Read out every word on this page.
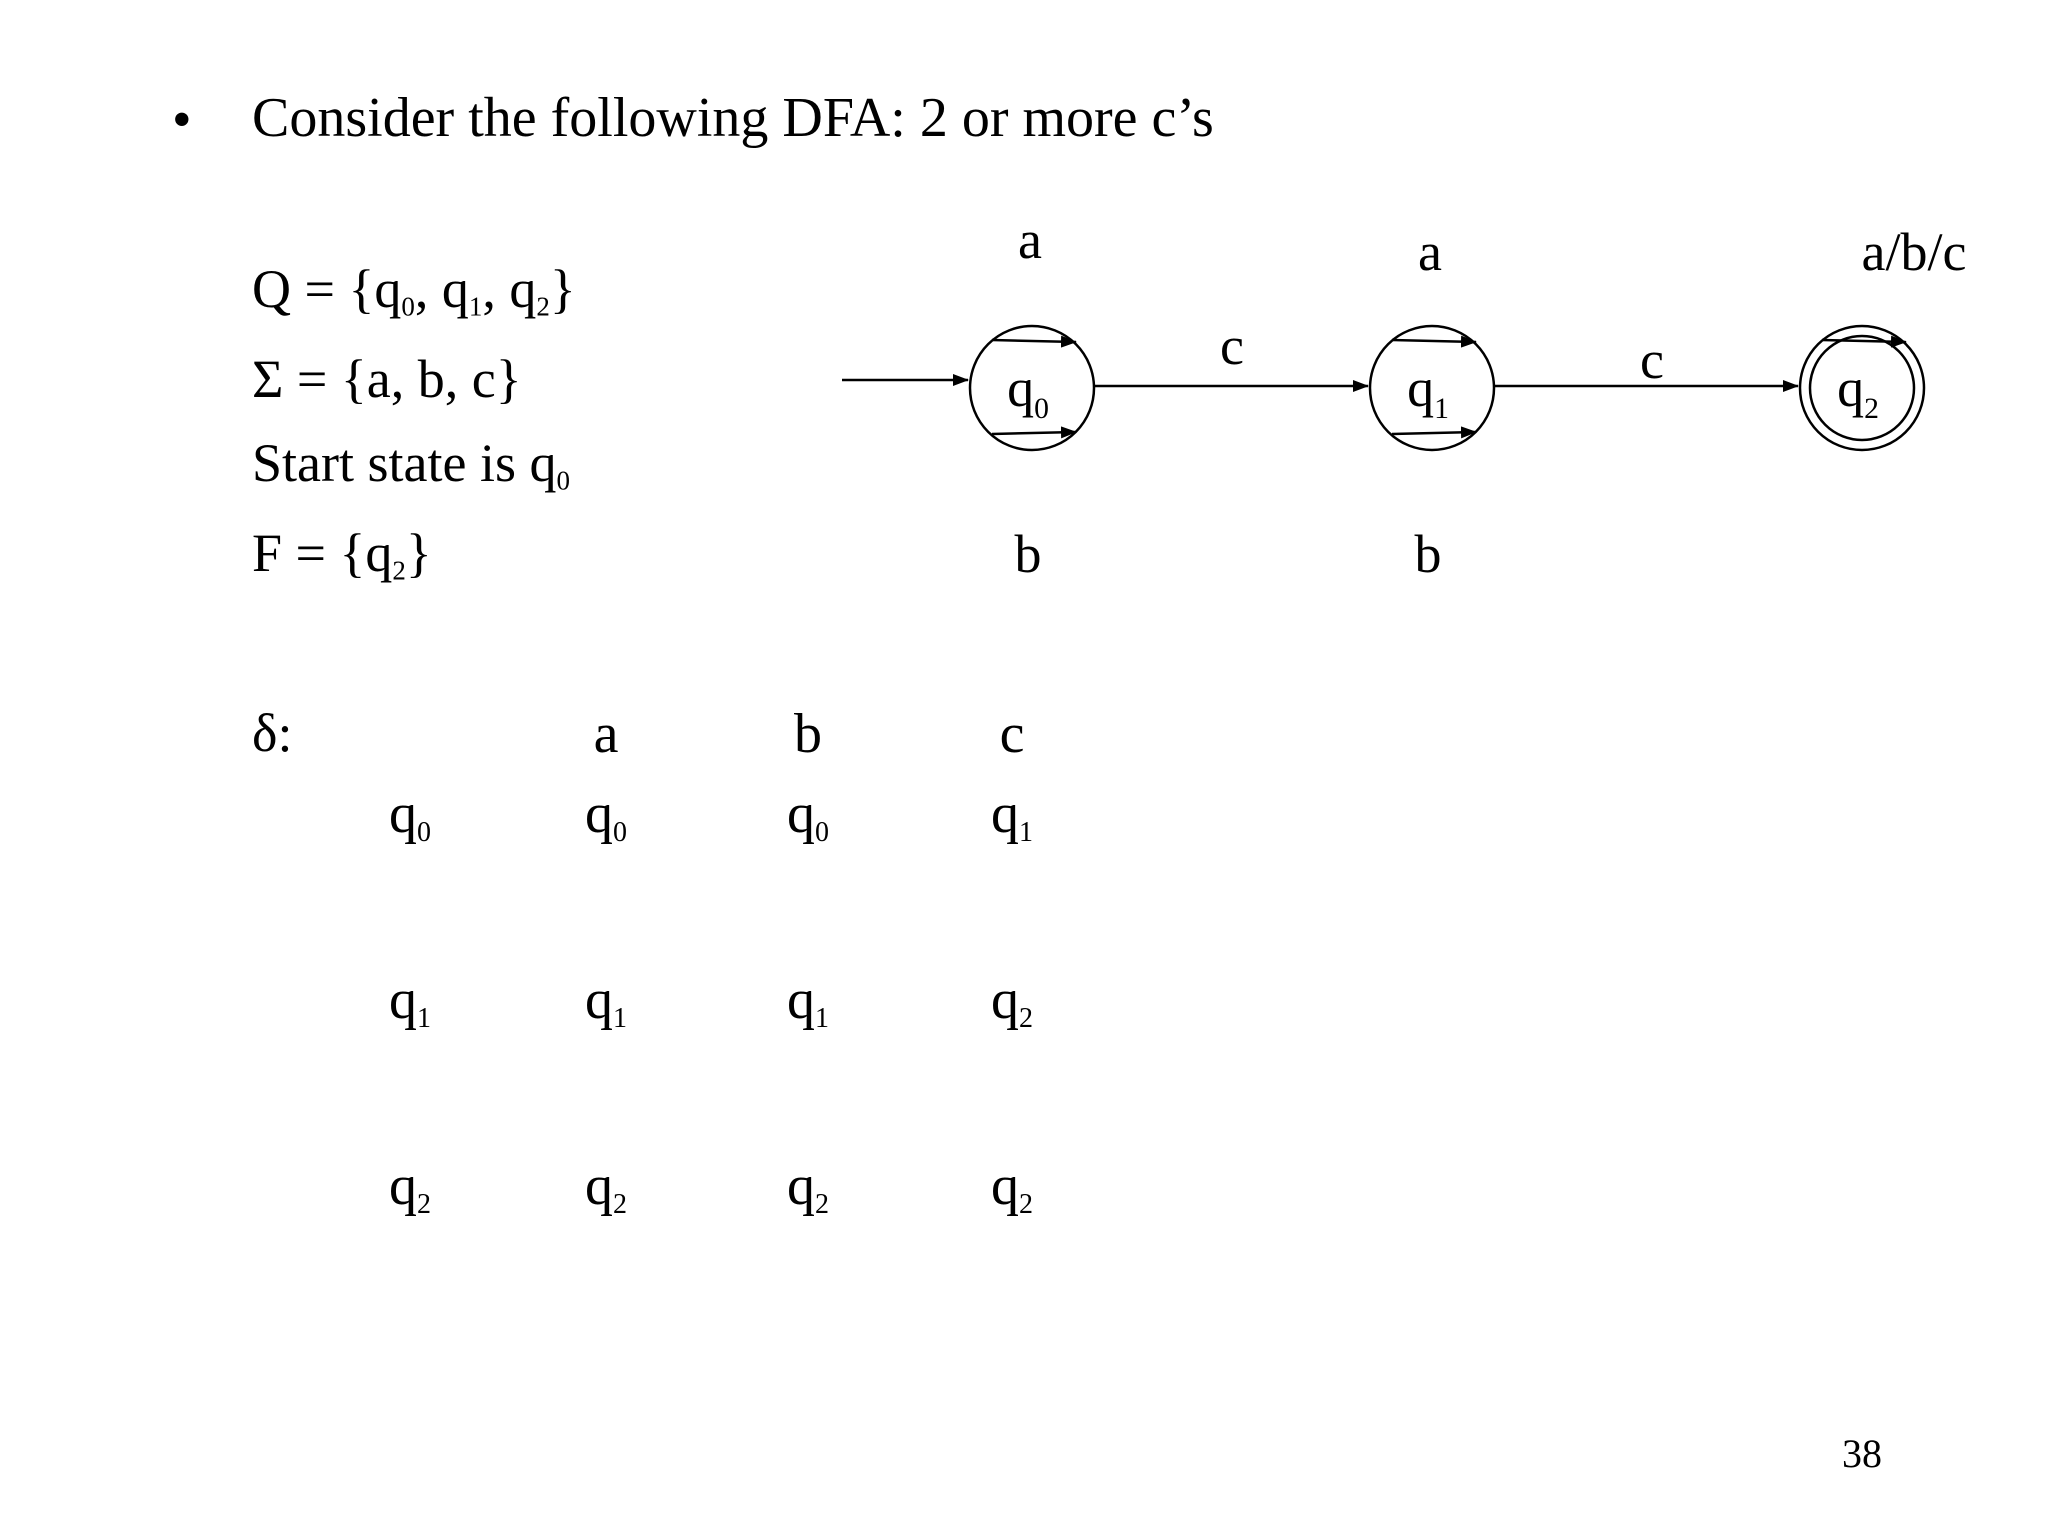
• Consider the following DFA: 2 or more c’s
$Q = \{q_0$, $q_1$, $q_2$}
Σ = {a, b, c}
Start state is $q_0$
$F = \{q_2\}$
δ:	a	b	c
$q_0$	$q_0$	$q_0$	$q_1$
$q_1$	$q_1$	$q_1$	$q_2$
$q_2$	$q_2$	$q_2$	$q_2$
$q_0$
b
a
$q_1$
b
a
$q_2$
a/b/c
c	c
38
